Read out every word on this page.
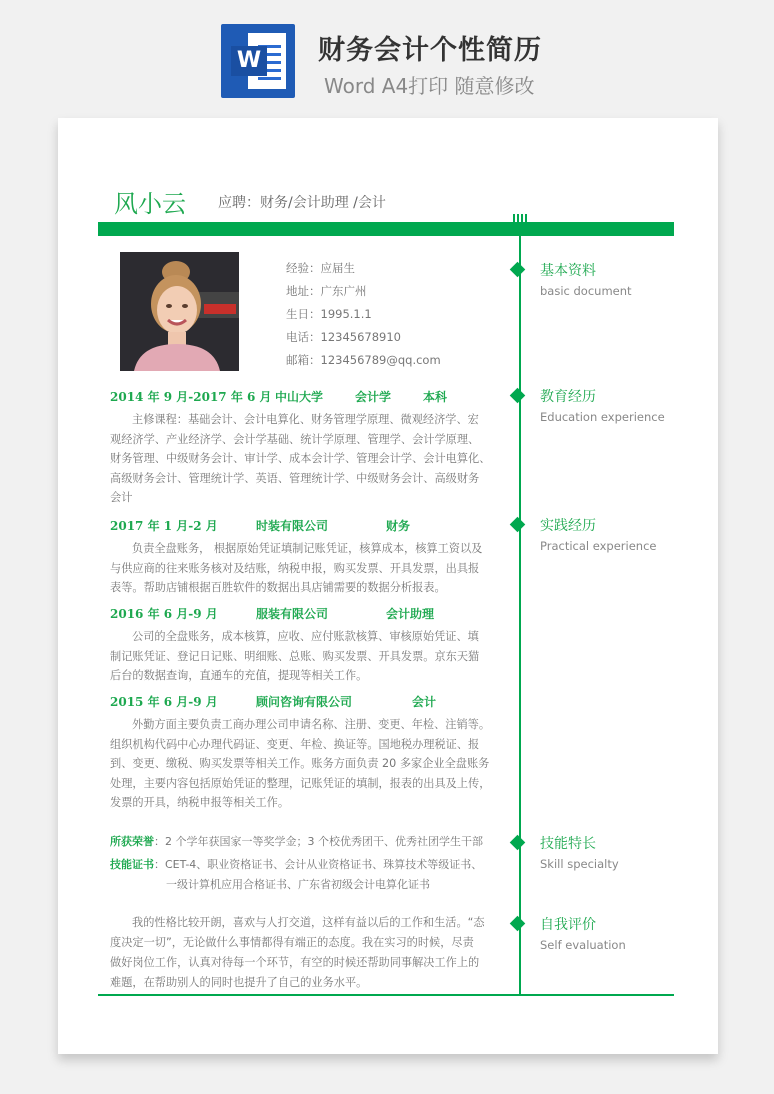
W 财务会计个性简历
Word A4打印 随意修改
风小云 应聘：财务/会计助理 /会计
经验：应届生
地址：广东广州
生日：1995.1.1
电话：12345678910
邮箱：123456789@qq.com
基本资料
basic document
教育经历
Education experience
实践经历
Practical experience
技能特长
Skill specialty
自我评价
Self evaluation
2014 年 9 月-2017 年 6 月 中山大学	会计学	本科
主修课程：基础会计、会计电算化、财务管理学原理、微观经济学、宏
观经济学、产业经济学、会计学基础、统计学原理、管理学、会计学原理、
财务管理、中级财务会计、审计学、成本会计学、管理会计学、会计电算化、
高级财务会计、管理统计学、英语、管理统计学、中级财务会计、高级财务
会计
2017 年 1 月-2 月	时装有限公司	财务
负责全盘账务， 根据原始凭证填制记账凭证，核算成本，核算工资以及
与供应商的往来账务核对及结账，纳税申报，购买发票、开具发票，出具报
表等。帮助店铺根据百胜软件的数据出具店铺需要的数据分析报表。
2016 年 6 月-9 月	服装有限公司	会计助理
公司的全盘账务，成本核算，应收、应付账款核算、审核原始凭证、填
制记账凭证、登记日记账、明细账、总账、购买发票、开具发票。京东天猫
后台的数据查询，直通车的充值，提现等相关工作。
2015 年 6 月-9 月	顾问咨询有限公司	会计
外勤方面主要负责工商办理公司申请名称、注册、变更、年检、注销等。
组织机构代码中心办理代码证、变更、年检、换证等。国地税办理税证、报
到、变更、缴税、购买发票等相关工作。账务方面负责 20 多家企业全盘账务
处理，主要内容包括原始凭证的整理，记账凭证的填制，报表的出具及上传，
发票的开具，纳税申报等相关工作。
所获荣誉：2 个学年获国家一等奖学金；3 个校优秀团干、优秀社团学生干部
技能证书：CET-4、职业资格证书、会计从业资格证书、珠算技术等级证书、
一级计算机应用合格证书、广东省初级会计电算化证书
我的性格比较开朗，喜欢与人打交道，这样有益以后的工作和生活。“态
度决定一切”，无论做什么事情都得有端正的态度。我在实习的时候，尽责
做好岗位工作，认真对待每一个环节，有空的时候还帮助同事解决工作上的
难题，在帮助别人的同时也提升了自己的业务水平。
